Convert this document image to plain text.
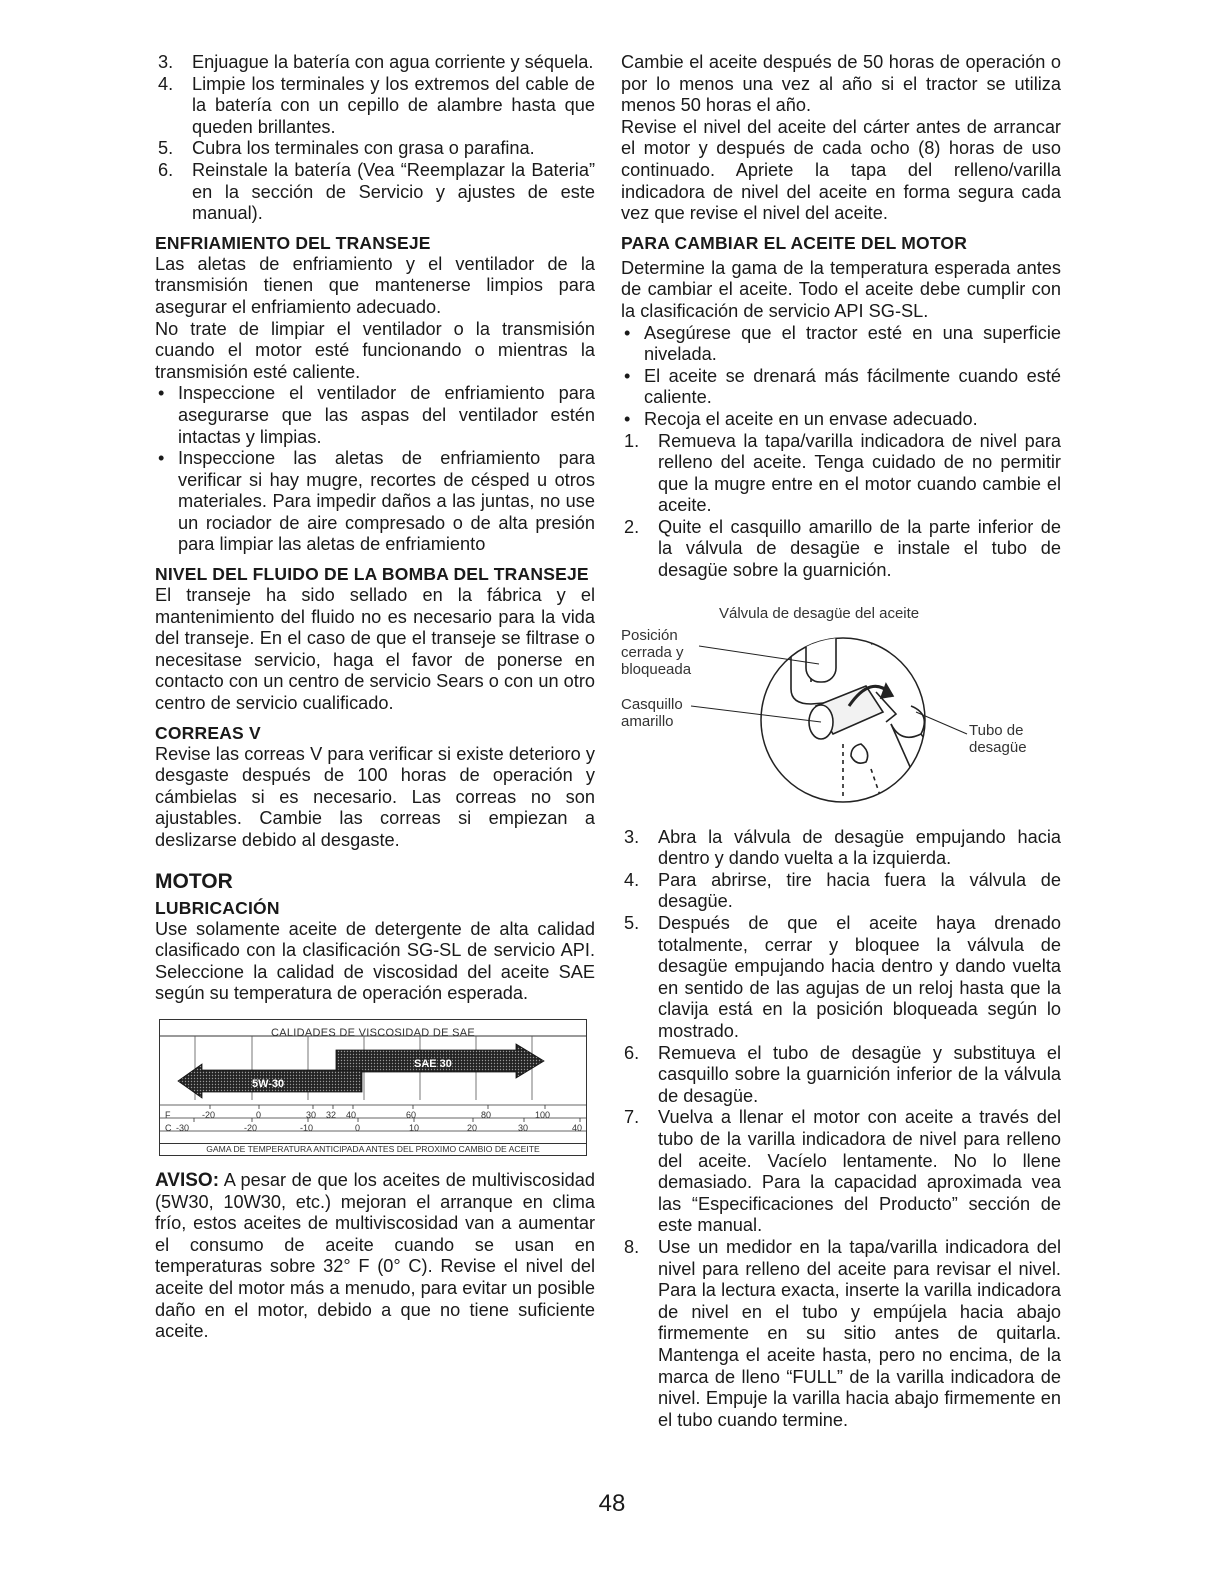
3. Enjuague la batería con agua corriente y séquela.
4. Limpie los terminales y los extremos del cable de la batería con un cepillo de alambre hasta que queden brillantes.
5. Cubra los terminales con grasa o parafina.
6. Reinstale la batería (Vea “Reemplazar la Bateria” en la sección de Servicio y ajustes de este manual).
ENFRIAMIENTO DEL TRANSEJE

Las aletas de enfriamiento y el ventilador de la transmisión tienen que mantenerse limpios para asegurar el enfriamiento adecuado.

No trate de limpiar el ventilador o la transmisión cuando el motor esté funcionando o mientras la transmisión esté caliente.

• Inspeccione el ventilador de enfriamiento para asegurarse que las aspas del ventilador estén intactas y limpias.
• Inspeccione las aletas de enfriamiento para verificar si hay mugre, recortes de césped u otros materiales. Para impedir daños a las juntas, no use un rociador de aire compresado o de alta presión para limpiar las aletas de enfriamiento
NIVEL DEL FLUIDO DE LA BOMBA DEL TRANSEJE

El transeje ha sido sellado en la fábrica y el mantenimiento del fluido no es necesario para la vida del transeje. En el caso de que el transeje se filtrase o necesitase servicio, haga el favor de ponerse en contacto con un centro de servicio Sears o con un otro centro de servicio cualificado.

CORREAS V

Revise las correas V para verificar si existe deterioro y desgaste después de 100 horas de operación y cámbielas si es necesario. Las correas no son ajustables. Cambie las correas si empiezan a deslizarse debido al desgaste.

MOTOR
LUBRICACIÓN

Use solamente aceite de detergente de alta calidad clasificado con la clasificación SG-SL de servicio API. Seleccione la calidad de viscosidad del aceite SAE según su temperatura de operación esperada.

CALIDADES DE VISCOSIDAD DE SAE
5W-30
SAE 30
F	-20	0	30 32 40	60	80	100
C -30	-20	-10	0	10	20	30	40
GAMA DE TEMPERATURA ANTICIPADA ANTES DEL PROXIMO CAMBIO DE ACEITE

AVISO: A pesar de que los aceites de multiviscosidad (5W30, 10W30, etc.) mejoran el arranque en clima frío, estos aceites de multiviscosidad van a aumentar el consumo de aceite cuando se usan en temperaturas sobre 32° F (0° C). Revise el nivel del aceite del motor más a menudo, para evitar un posible daño en el motor, debido a que no tiene suficiente aceite.

Cambie el aceite después de 50 horas de operación o por lo menos una vez al año si el tractor se utiliza menos 50 horas el año.

Revise el nivel del aceite del cárter antes de arrancar el motor y después de cada ocho (8) horas de uso continuado. Apriete la tapa del relleno/varilla indicadora de nivel del aceite en forma segura cada vez que revise el nivel del aceite.

PARA CAMBIAR EL ACEITE DEL MOTOR

Determine la gama de la temperatura esperada antes de cambiar el aceite. Todo el aceite debe cumplir con la clasificación de servicio API SG-SL.

• Asegúrese que el tractor esté en una superficie nivelada.
• El aceite se drenará más fácilmente cuando esté caliente.
• Recoja el aceite en un envase adecuado.
1. Remueva la tapa/varilla indicadora de nivel para relleno del aceite. Tenga cuidado de no permitir que la mugre entre en el motor cuando cambie el aceite.
2. Quite el casquillo amarillo de la parte inferior de la válvula de desagüe e instale el tubo de desagüe sobre la guarnición.
Válvula de desagüe del aceite
Posición cerrada y bloqueada
Casquillo amarillo
Tubo de desagüe
3. Abra la válvula de desagüe empujando hacia dentro y dando vuelta a la izquierda.
4. Para abrirse, tire hacia fuera la válvula de desagüe.
5. Después de que el aceite haya drenado totalmente, cerrar y bloquee la válvula de desagüe empujando hacia dentro y dando vuelta en sentido de las agujas de un reloj hasta que la clavija está en la posición bloqueada según lo mostrado.
6. Remueva el tubo de desagüe y substituya el casquillo sobre la guarnición inferior de la válvula de desagüe.
7. Vuelva a llenar el motor con aceite a través del tubo de la varilla indicadora de nivel para relleno del aceite. Vacíelo lentamente. No lo llene demasiado. Para la capacidad aproximada vea las “Especificaciones del Producto” sección de este manual.
8. Use un medidor en la tapa/varilla indicadora del nivel para relleno del aceite para revisar el nivel. Para la lectura exacta, inserte la varilla indicadora de nivel en el tubo y empújela hacia abajo firmemente en su sitio antes de quitarla. Mantenga el aceite hasta, pero no encima, de la marca de lleno “FULL” de la varilla indicadora de nivel. Empuje la varilla hacia abajo firmemente en el tubo cuando termine.
48
